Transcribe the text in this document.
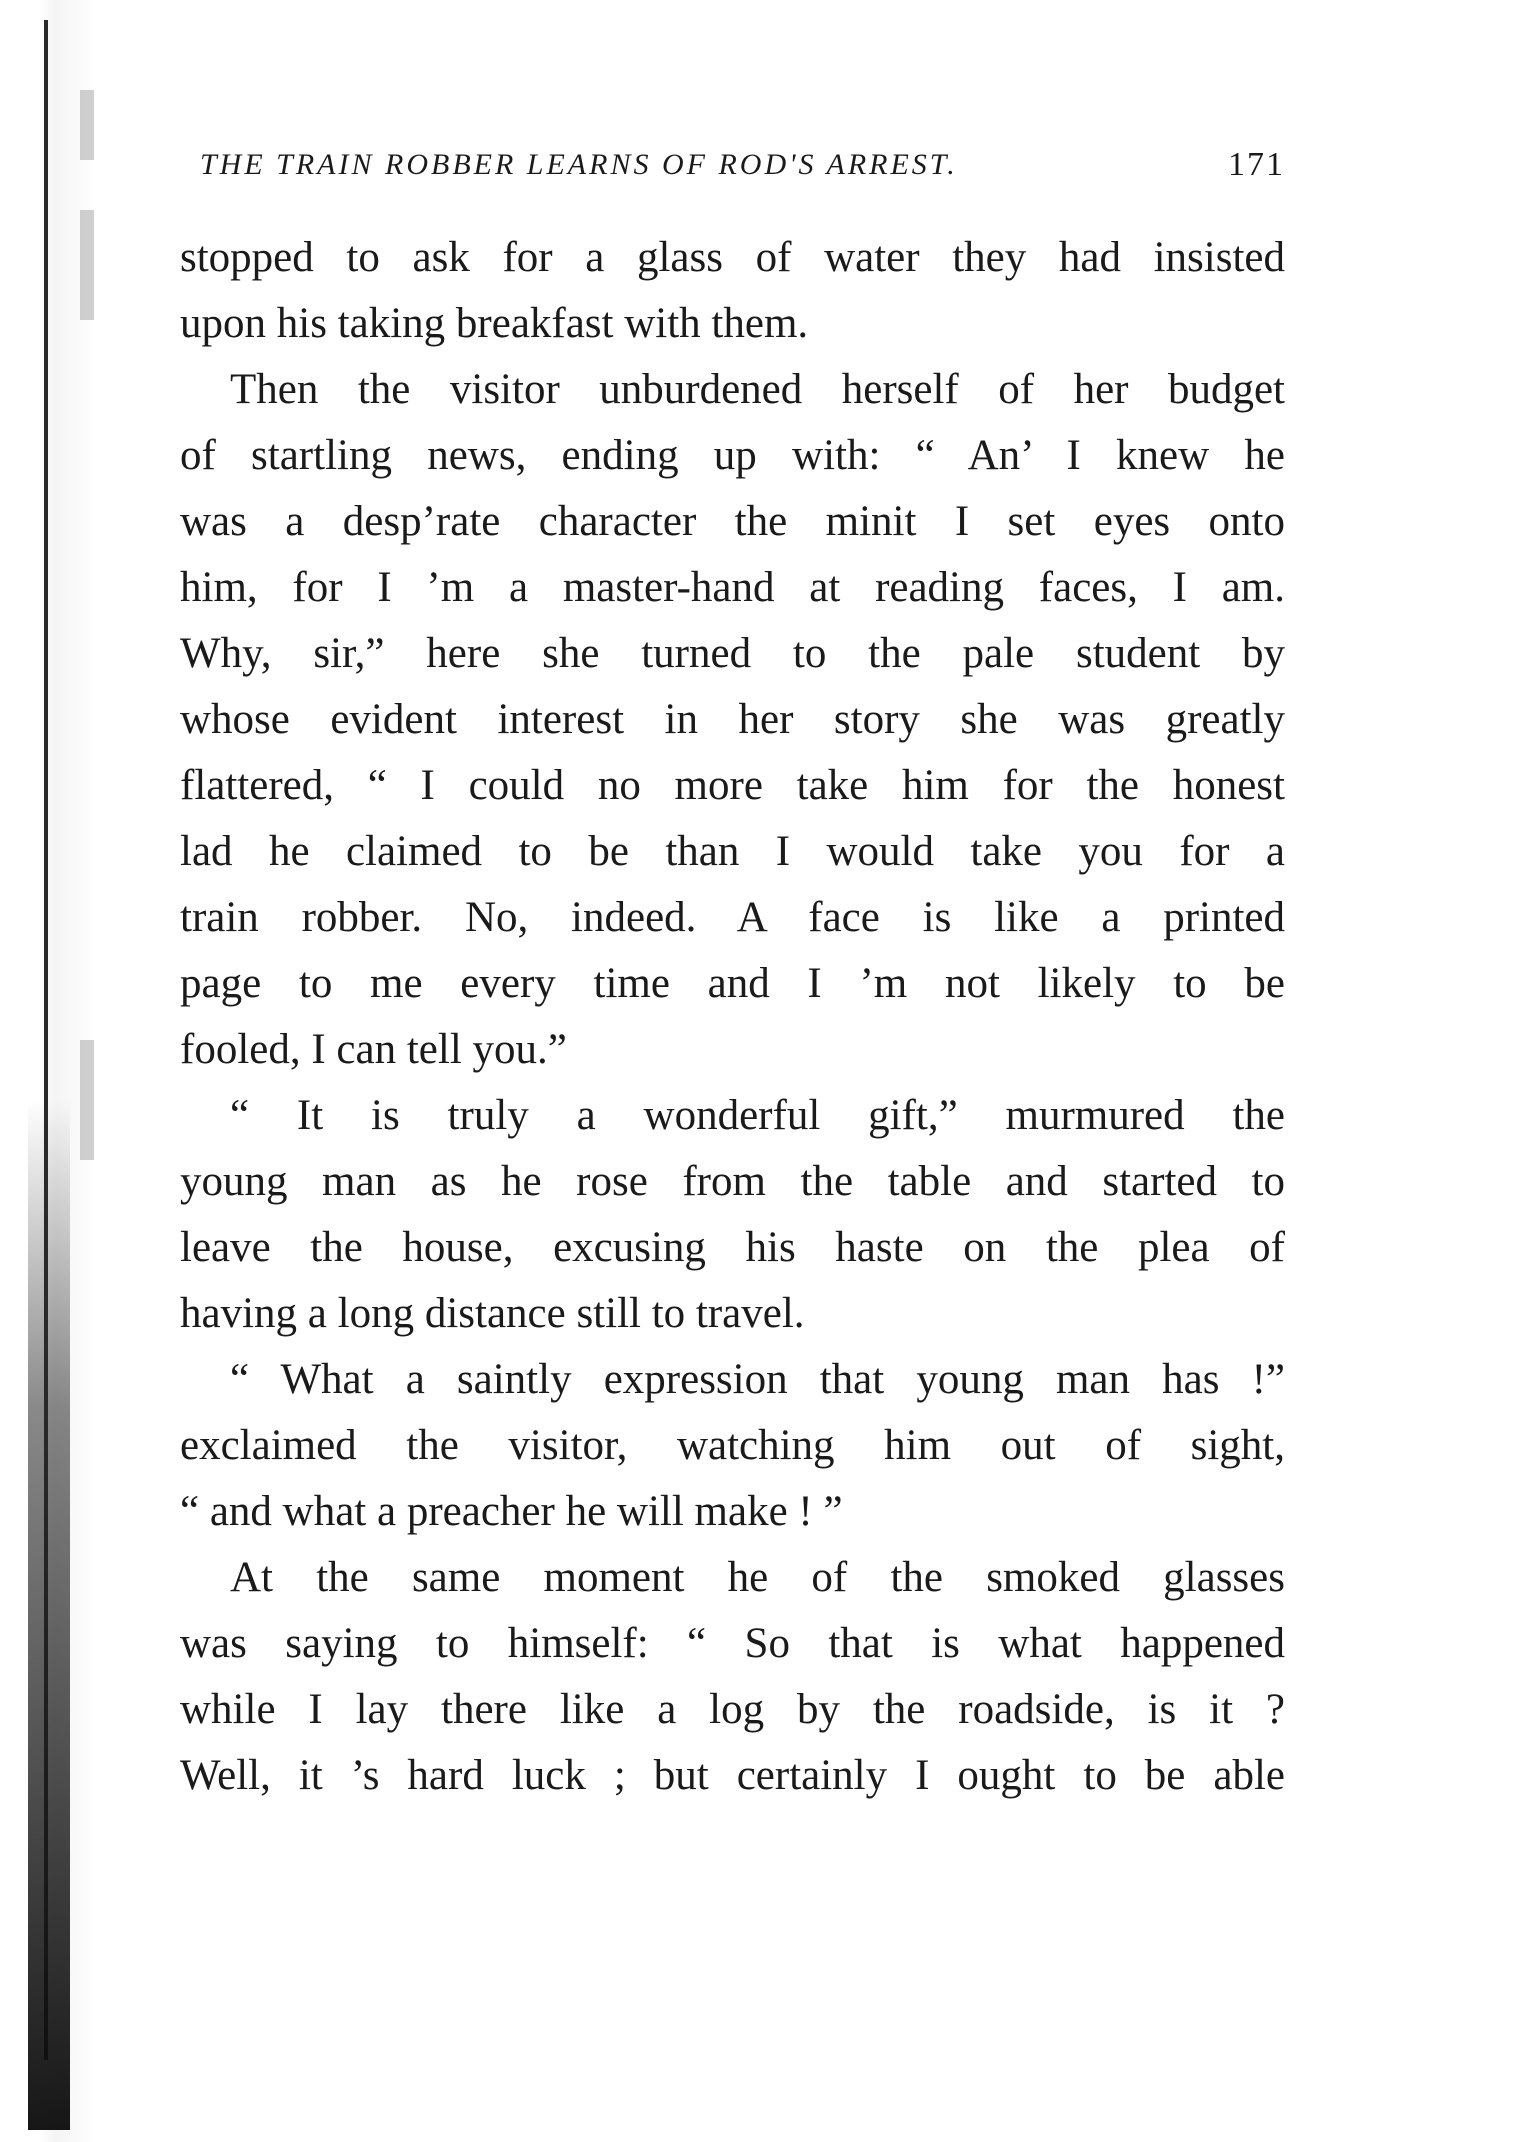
THE TRAIN ROBBER LEARNS OF ROD'S ARREST.	171
stopped to ask for a glass of water they had insisted
upon his taking breakfast with them.
Then the visitor unburdened herself of her budget
of startling news, ending up with: “ An’ I knew he
was a desp’rate character the minit I set eyes onto
him, for I ’m a master-hand at reading faces, I am.
Why, sir,” here she turned to the pale student by
whose evident interest in her story she was greatly
flattered, “ I could no more take him for the honest
lad he claimed to be than I would take you for a
train robber. No, indeed. A face is like a printed
page to me every time and I ’m not likely to be
fooled, I can tell you.”
“ It is truly a wonderful gift,” murmured the
young man as he rose from the table and started to
leave the house, excusing his haste on the plea of
having a long distance still to travel.
“ What a saintly expression that young man has !”
exclaimed the visitor, watching him out of sight,
“ and what a preacher he will make ! ”
At the same moment he of the smoked glasses
was saying to himself: “ So that is what happened
while I lay there like a log by the roadside, is it ?
Well, it ’s hard luck ; but certainly I ought to be able
